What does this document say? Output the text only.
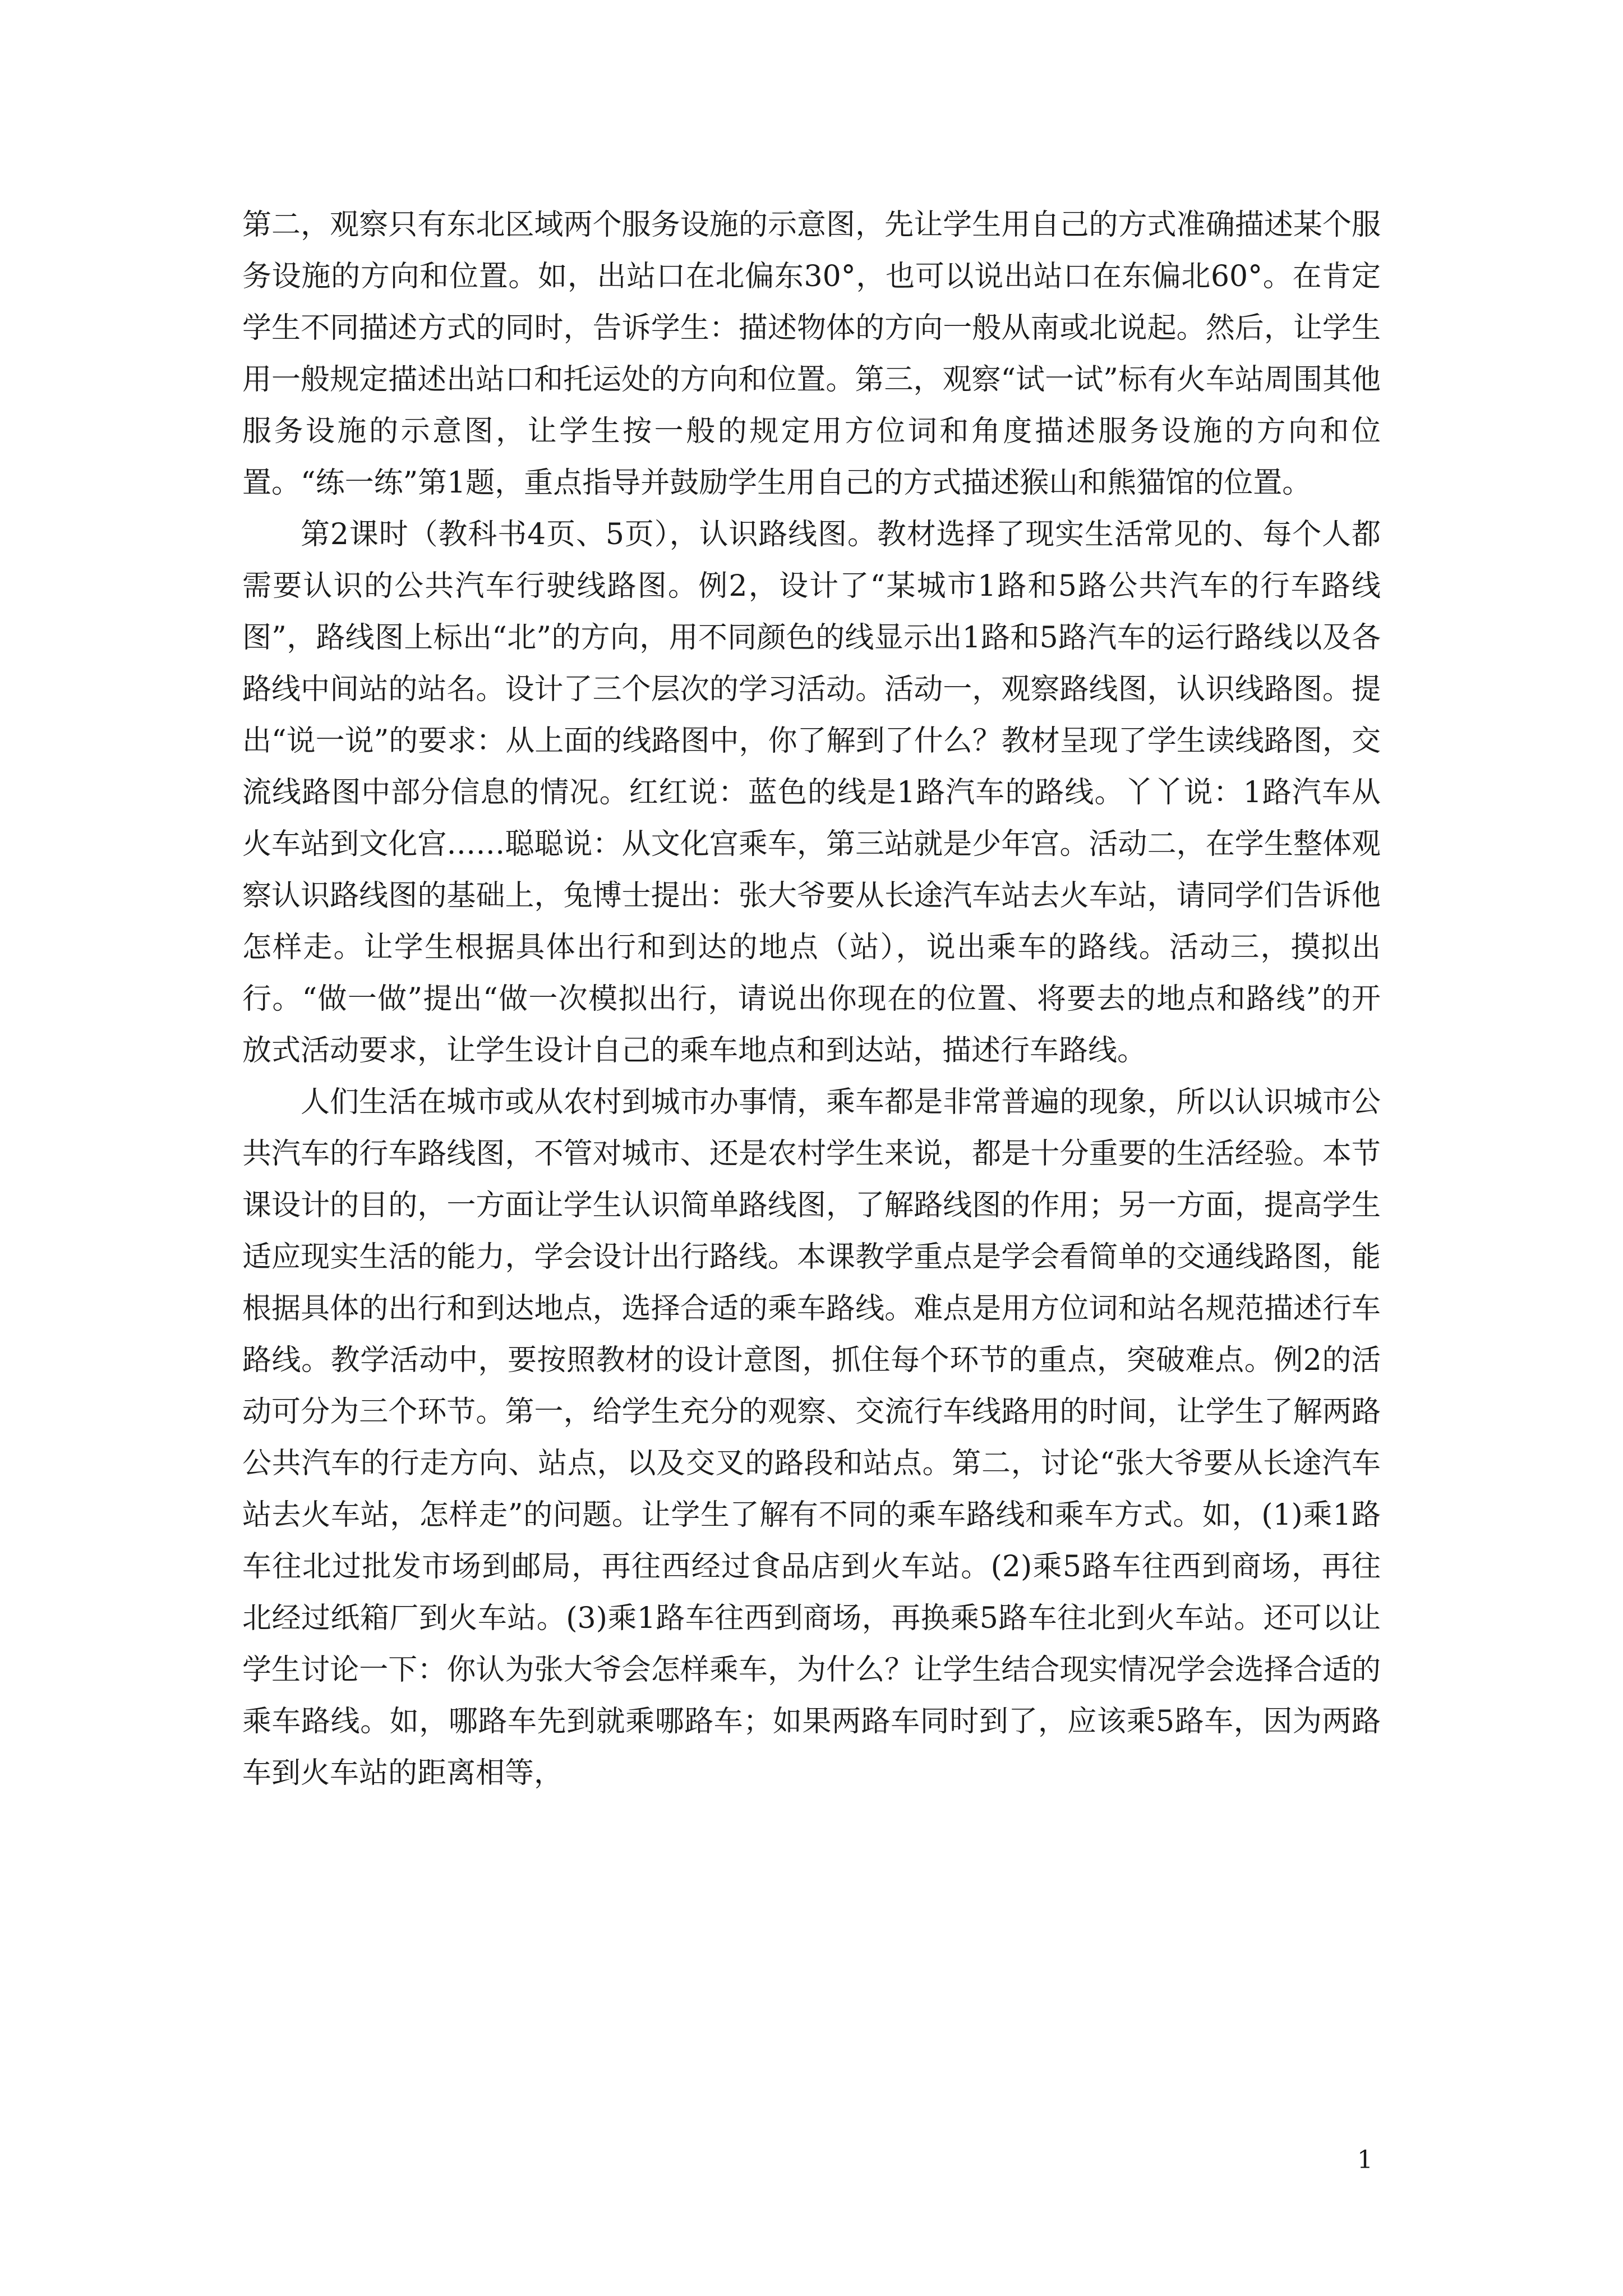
第二，观察只有东北区域两个服务设施的示意图，先让学生用自己的方式准确描述某个服务设施的方向和位置。如，出站口在北偏东30°，也可以说出站口在东偏北60°。在肯定学生不同描述方式的同时，告诉学生：描述物体的方向一般从南或北说起。然后，让学生用一般规定描述出站口和托运处的方向和位置。第三，观察“试一试”标有火车站周围其他服务设施的示意图，让学生按一般的规定用方位词和角度描述服务设施的方向和位置。“练一练”第1题，重点指导并鼓励学生用自己的方式描述猴山和熊猫馆的位置。

第2课时（教科书4页、5页），认识路线图。教材选择了现实生活常见的、每个人都需要认识的公共汽车行驶线路图。例2，设计了“某城市1路和5路公共汽车的行车路线图”，路线图上标出“北”的方向，用不同颜色的线显示出1路和5路汽车的运行路线以及各路线中间站的站名。设计了三个层次的学习活动。活动一，观察路线图，认识线路图。提出“说一说”的要求：从上面的线路图中，你了解到了什么？教材呈现了学生读线路图，交流线路图中部分信息的情况。红红说：蓝色的线是1路汽车的路线。丫丫说：1路汽车从火车站到文化宫……聪聪说：从文化宫乘车，第三站就是少年宫。活动二，在学生整体观察认识路线图的基础上，兔博士提出：张大爷要从长途汽车站去火车站，请同学们告诉他怎样走。让学生根据具体出行和到达的地点（站），说出乘车的路线。活动三，摸拟出行。“做一做”提出“做一次模拟出行，请说出你现在的位置、将要去的地点和路线”的开放式活动要求，让学生设计自己的乘车地点和到达站，描述行车路线。

人们生活在城市或从农村到城市办事情，乘车都是非常普遍的现象，所以认识城市公共汽车的行车路线图，不管对城市、还是农村学生来说，都是十分重要的生活经验。本节课设计的目的，一方面让学生认识简单路线图，了解路线图的作用；另一方面，提高学生适应现实生活的能力，学会设计出行路线。本课教学重点是学会看简单的交通线路图，能根据具体的出行和到达地点，选择合适的乘车路线。难点是用方位词和站名规范描述行车路线。教学活动中，要按照教材的设计意图，抓住每个环节的重点，突破难点。例2的活动可分为三个环节。第一，给学生充分的观察、交流行车线路用的时间，让学生了解两路公共汽车的行走方向、站点，以及交叉的路段和站点。第二，讨论“张大爷要从长途汽车站去火车站，怎样走”的问题。让学生了解有不同的乘车路线和乘车方式。如，(1)乘1路车往北过批发市场到邮局，再往西经过食品店到火车站。(2)乘5路车往西到商场，再往北经过纸箱厂到火车站。(3)乘1路车往西到商场，再换乘5路车往北到火车站。还可以让学生讨论一下：你认为张大爷会怎样乘车，为什么？让学生结合现实情况学会选择合适的乘车路线。如，哪路车先到就乘哪路车；如果两路车同时到了，应该乘5路车，因为两路车到火车站的距离相等，

1
